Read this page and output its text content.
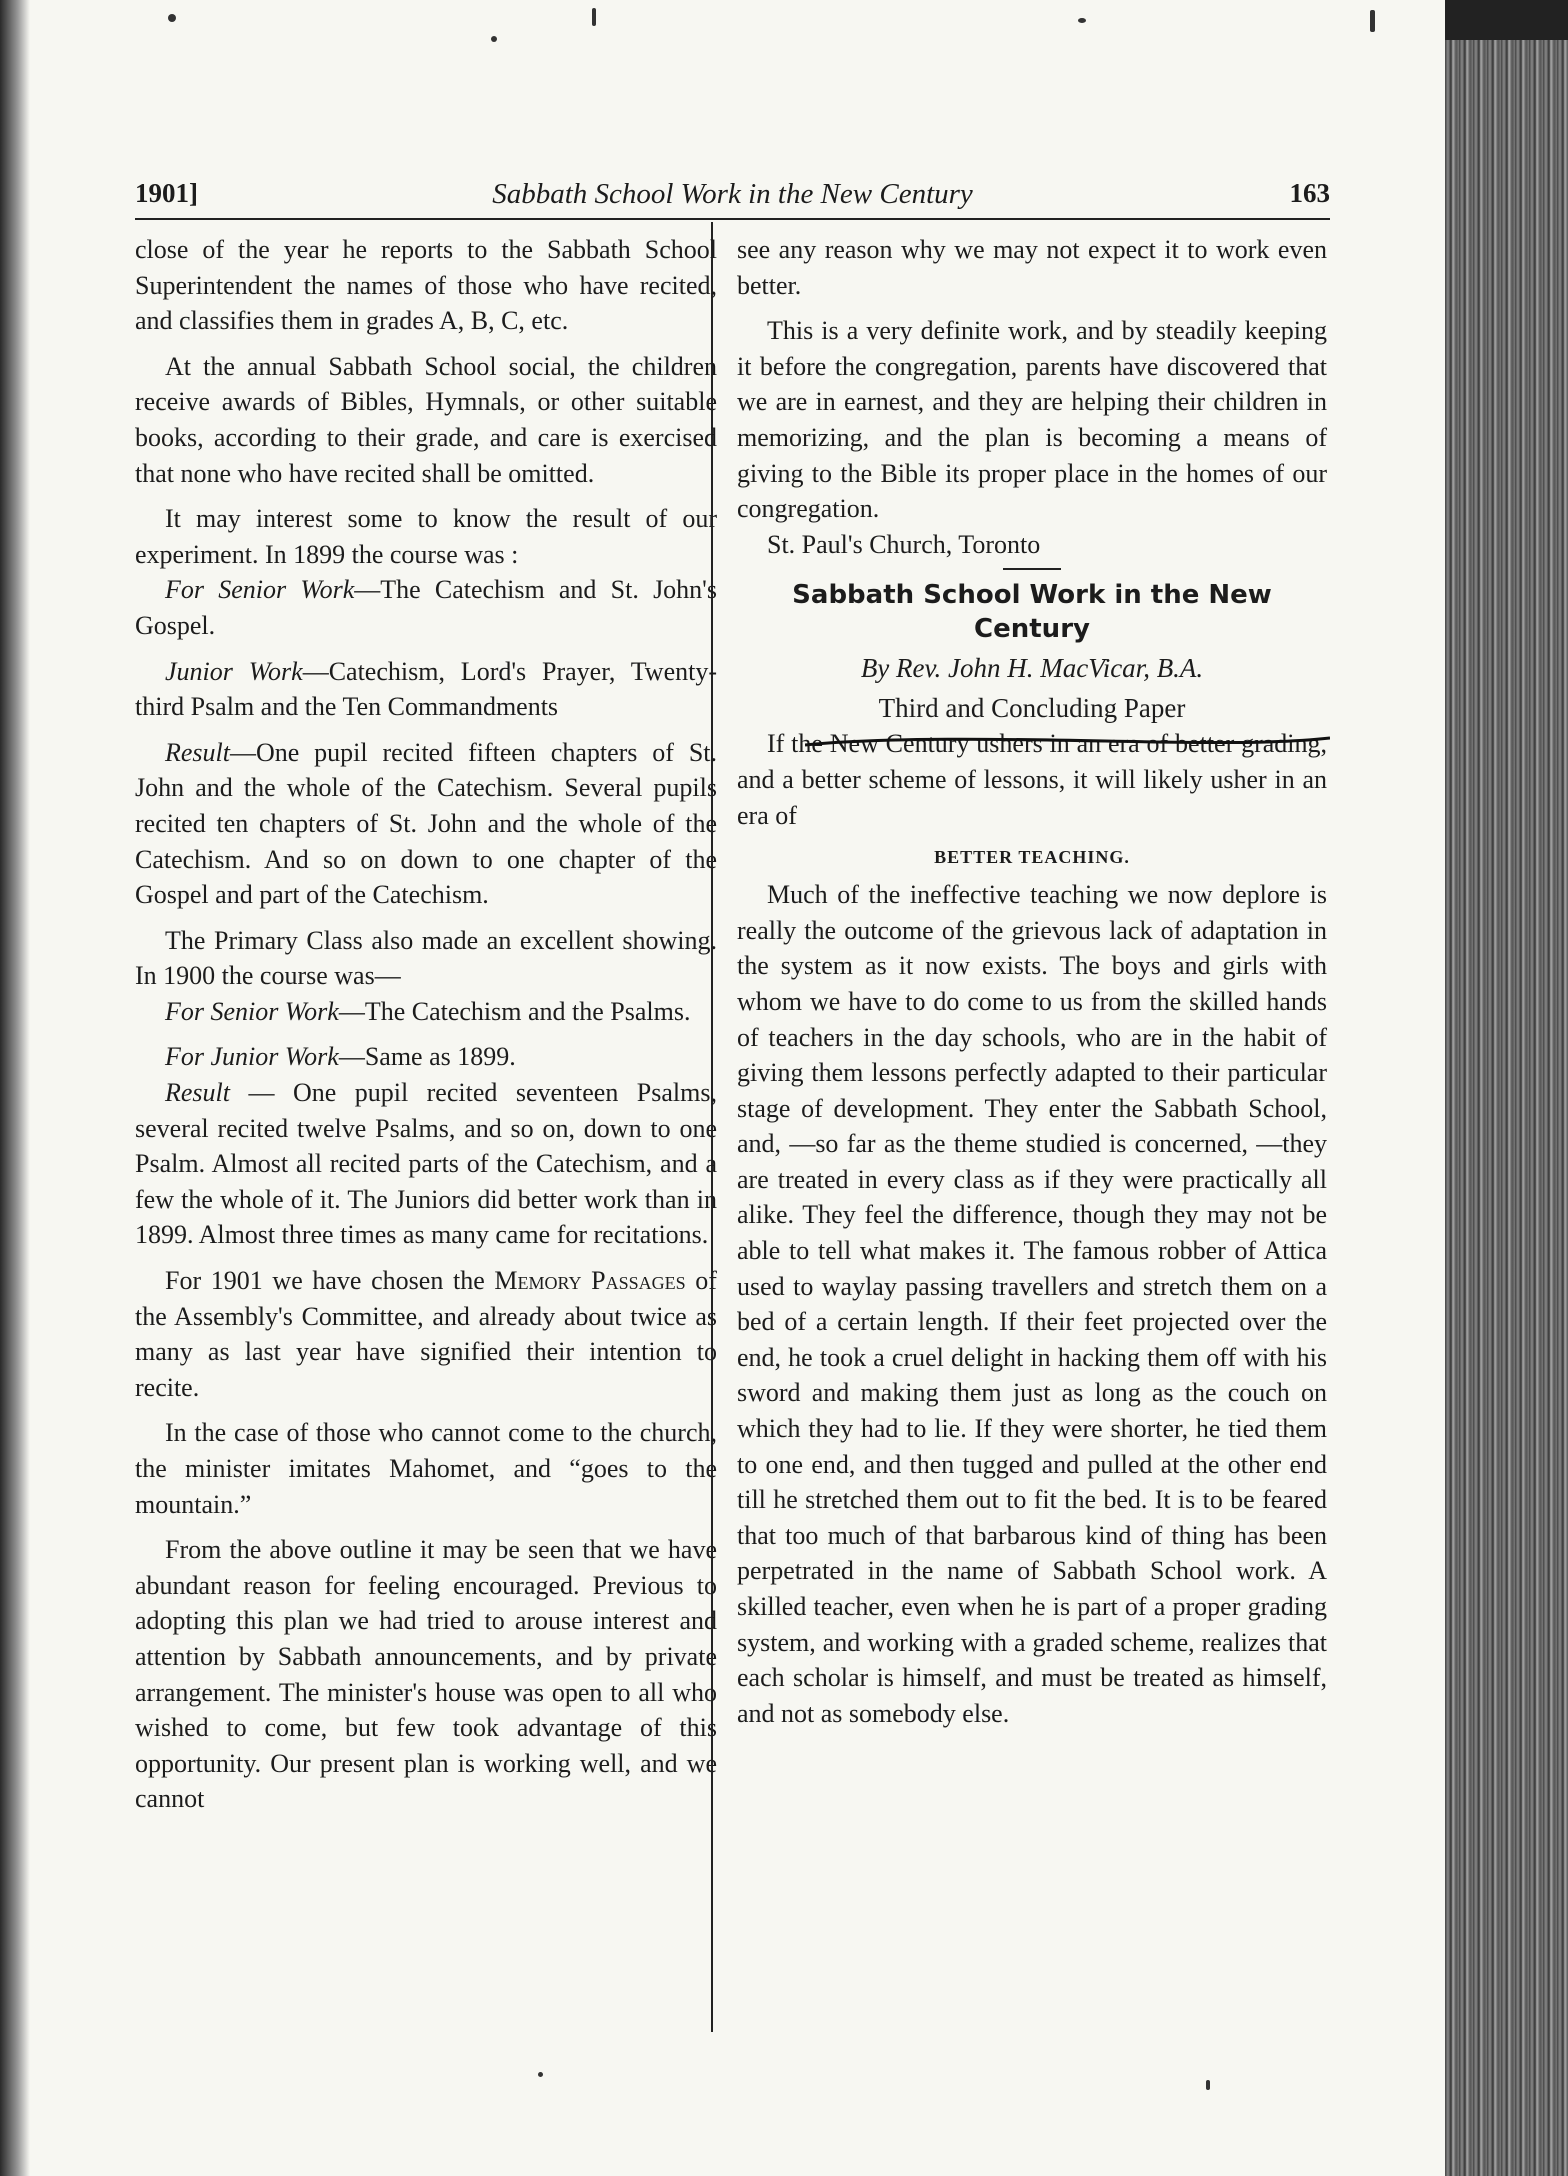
1901]	Sabbath School Work in the New Century	163

close of the year he reports to the Sabbath School Superintendent the names of those who have recited, and classifies them in grades A, B, C, etc.

At the annual Sabbath School social, the children receive awards of Bibles, Hymnals, or other suitable books, according to their grade, and care is exercised that none who have recited shall be omitted.

It may interest some to know the result of our experiment. In 1899 the course was :

For Senior Work—The Catechism and St. John's Gospel.

Junior Work—Catechism, Lord's Prayer, Twenty-third Psalm and the Ten Commandments

Result—One pupil recited fifteen chapters of St. John and the whole of the Catechism. Several pupils recited ten chapters of St. John and the whole of the Catechism. And so on down to one chapter of the Gospel and part of the Catechism.

The Primary Class also made an excellent showing. In 1900 the course was—

For Senior Work—The Catechism and the Psalms.

For Junior Work—Same as 1899.

Result — One pupil recited seventeen Psalms, several recited twelve Psalms, and so on, down to one Psalm. Almost all recited parts of the Catechism, and a few the whole of it. The Juniors did better work than in 1899. Almost three times as many came for recitations.

For 1901 we have chosen the Memory Passages of the Assembly's Committee, and already about twice as many as last year have signified their intention to recite.

In the case of those who cannot come to the church, the minister imitates Mahomet, and “goes to the mountain.”

From the above outline it may be seen that we have abundant reason for feeling encouraged. Previous to adopting this plan we had tried to arouse interest and attention by Sabbath announcements, and by private arrangement. The minister's house was open to all who wished to come, but few took advantage of this opportunity. Our present plan is working well, and we cannot

see any reason why we may not expect it to work even better.

This is a very definite work, and by steadily keeping it before the congregation, parents have discovered that we are in earnest, and they are helping their children in memorizing, and the plan is becoming a means of giving to the Bible its proper place in the homes of our congregation.

St. Paul's Church, Toronto

Sabbath School Work in the New
Century
By Rev. John H. MacVicar, B.A.
Third and Concluding Paper

If the New Century ushers in an era of better grading, and a better scheme of lessons, it will likely usher in an era of

BETTER TEACHING.

Much of the ineffective teaching we now deplore is really the outcome of the grievous lack of adaptation in the system as it now exists. The boys and girls with whom we have to do come to us from the skilled hands of teachers in the day schools, who are in the habit of giving them lessons perfectly adapted to their particular stage of development. They enter the Sabbath School, and, —so far as the theme studied is concerned, —they are treated in every class as if they were practically all alike. They feel the difference, though they may not be able to tell what makes it. The famous robber of Attica used to waylay passing travellers and stretch them on a bed of a certain length. If their feet projected over the end, he took a cruel delight in hacking them off with his sword and making them just as long as the couch on which they had to lie. If they were shorter, he tied them to one end, and then tugged and pulled at the other end till he stretched them out to fit the bed. It is to be feared that too much of that barbarous kind of thing has been perpetrated in the name of Sabbath School work. A skilled teacher, even when he is part of a proper grading system, and working with a graded scheme, realizes that each scholar is himself, and must be treated as himself, and not as somebody else.
